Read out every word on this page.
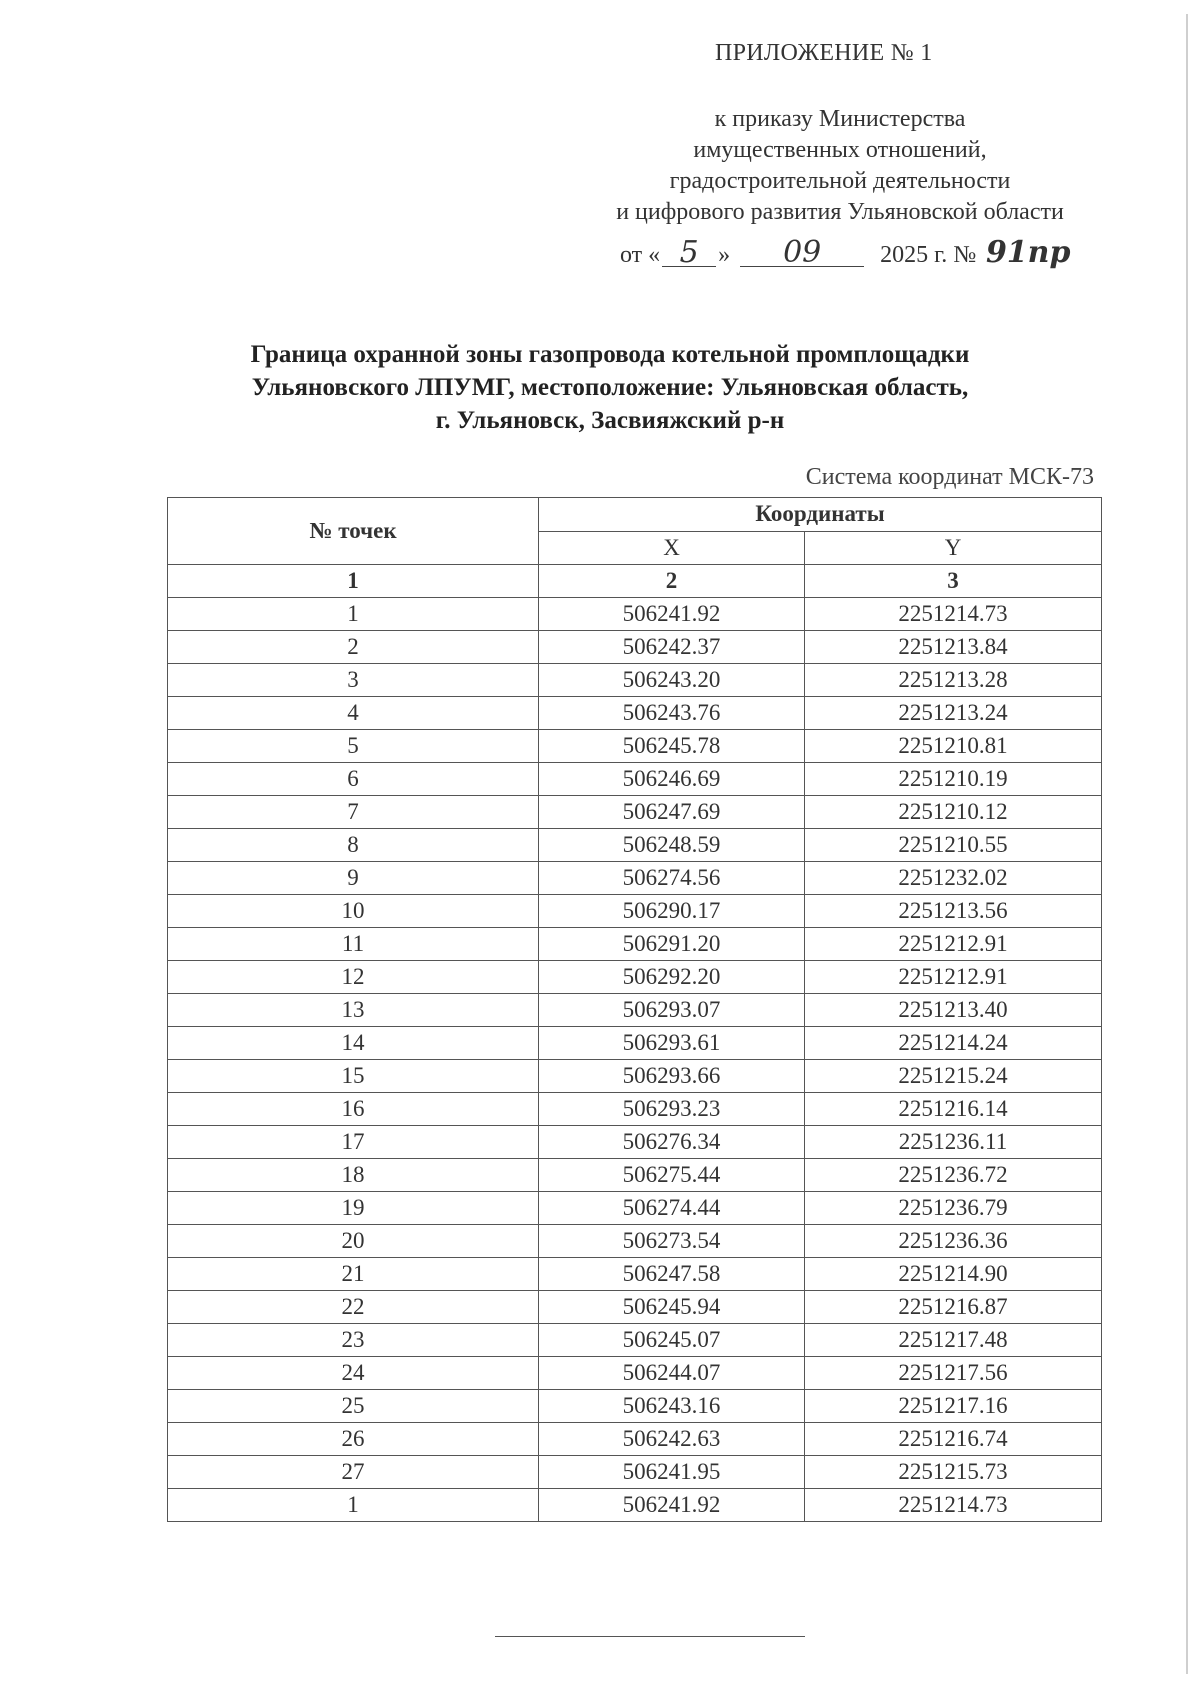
ПРИЛОЖЕНИЕ № 1
к приказу Министерства
имущественных отношений,
градостроительной деятельности
и цифрового развития Ульяновской области
от « 5 » 09 2025 г. № 91пр
Граница охранной зоны газопровода котельной промплощадки
Ульяновского ЛПУМГ, местоположение: Ульяновская область,
г. Ульяновск, Засвияжский р-н
Система координат МСК-73
№ точек	Координаты	
	X	Y
1	2	3
1	506241.92	2251214.73
2	506242.37	2251213.84
3	506243.20	2251213.28
4	506243.76	2251213.24
5	506245.78	2251210.81
6	506246.69	2251210.19
7	506247.69	2251210.12
8	506248.59	2251210.55
9	506274.56	2251232.02
10	506290.17	2251213.56
11	506291.20	2251212.91
12	506292.20	2251212.91
13	506293.07	2251213.40
14	506293.61	2251214.24
15	506293.66	2251215.24
16	506293.23	2251216.14
17	506276.34	2251236.11
18	506275.44	2251236.72
19	506274.44	2251236.79
20	506273.54	2251236.36
21	506247.58	2251214.90
22	506245.94	2251216.87
23	506245.07	2251217.48
24	506244.07	2251217.56
25	506243.16	2251217.16
26	506242.63	2251216.74
27	506241.95	2251215.73
1	506241.92	2251214.73
